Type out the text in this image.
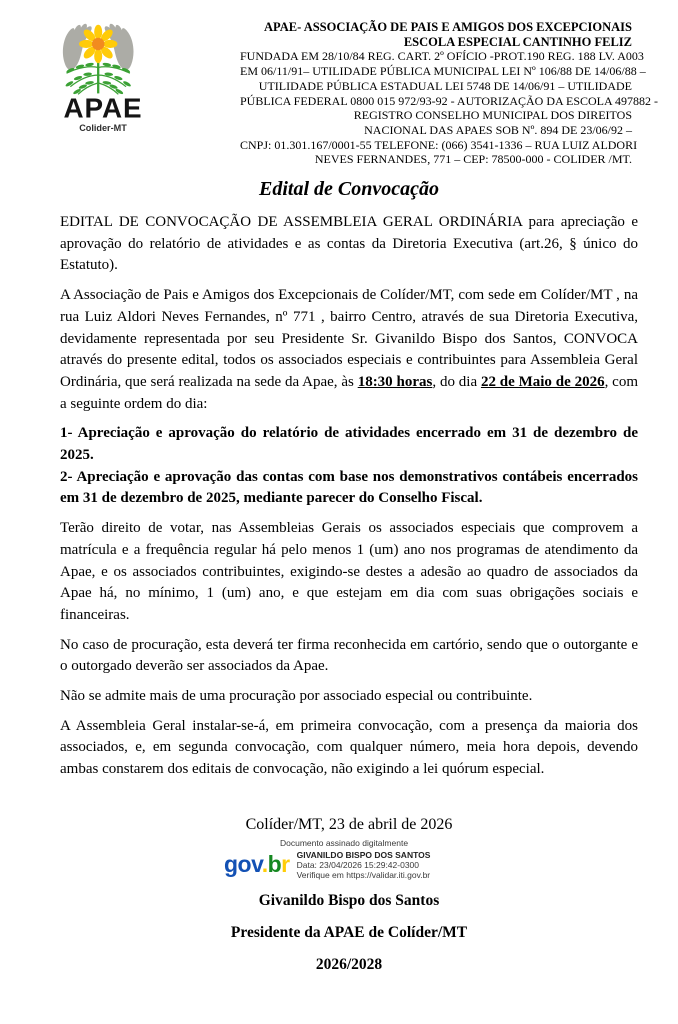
APAE
Colider-MT
APAE- ASSOCIAÇÃO DE PAIS E AMIGOS DOS EXCEPCIONAIS
ESCOLA ESPECIAL CANTINHO FELIZ
FUNDADA EM 28/10/84 REG. CART. 2º OFÍCIO -PROT.190 REG. 188 LV. A003
EM 06/11/91– UTILIDADE PÚBLICA MUNICIPAL LEI Nº 106/88 DE 14/06/88 –
UTILIDADE PÚBLICA ESTADUAL LEI 5748 DE 14/06/91 – UTILIDADE
PÚBLICA FEDERAL 0800 015 972/93-92 - AUTORIZAÇÃO DA ESCOLA 497882 -
REGISTRO CONSELHO MUNICIPAL DOS DIREITOS
NACIONAL DAS APAES SOB Nº. 894 DE 23/06/92 –
CNPJ: 01.301.167/0001-55 TELEFONE: (066) 3541-1336 – RUA LUIZ ALDORI
NEVES FERNANDES, 771 – CEP: 78500-000 - COLIDER /MT.
Edital de Convocação

EDITAL DE CONVOCAÇÃO DE ASSEMBLEIA GERAL ORDINÁRIA para apreciação e aprovação do relatório de atividades e as contas da Diretoria Executiva (art.26, § único do Estatuto).

A Associação de Pais e Amigos dos Excepcionais de Colíder/MT, com sede em Colíder/MT , na rua Luiz Aldori Neves Fernandes, nº 771 , bairro Centro, através de sua Diretoria Executiva, devidamente representada por seu Presidente Sr. Givanildo Bispo dos Santos, CONVOCA através do presente edital, todos os associados especiais e contribuintes para Assembleia Geral Ordinária, que será realizada na sede da Apae, às 18:30 horas, do dia 22 de Maio de 2026, com a seguinte ordem do dia:

1- Apreciação e aprovação do relatório de atividades encerrado em 31 de dezembro de 2025.

2- Apreciação e aprovação das contas com base nos demonstrativos contábeis encerrados em 31 de dezembro de 2025, mediante parecer do Conselho Fiscal.

Terão direito de votar, nas Assembleias Gerais os associados especiais que comprovem a matrícula e a frequência regular há pelo menos 1 (um) ano nos programas de atendimento da Apae, e os associados contribuintes, exigindo-se destes a adesão ao quadro de associados da Apae há, no mínimo, 1 (um) ano, e que estejam em dia com suas obrigações sociais e financeiras.

No caso de procuração, esta deverá ter firma reconhecida em cartório, sendo que o outorgante e o outorgado deverão ser associados da Apae.

Não se admite mais de uma procuração por associado especial ou contribuinte.

A Assembleia Geral instalar-se-á, em primeira convocação, com a presença da maioria dos associados, e, em segunda convocação, com qualquer número, meia hora depois, devendo ambas constarem dos editais de convocação, não exigindo a lei quórum especial.

Colíder/MT, 23 de abril de 2026
Documento assinado digitalmente
gov.br GIVANILDO BISPO DOS SANTOS
Data: 23/04/2026 15:29:42-0300
Verifique em https://validar.iti.gov.br
Givanildo Bispo dos Santos
Presidente da APAE de Colíder/MT
2026/2028
